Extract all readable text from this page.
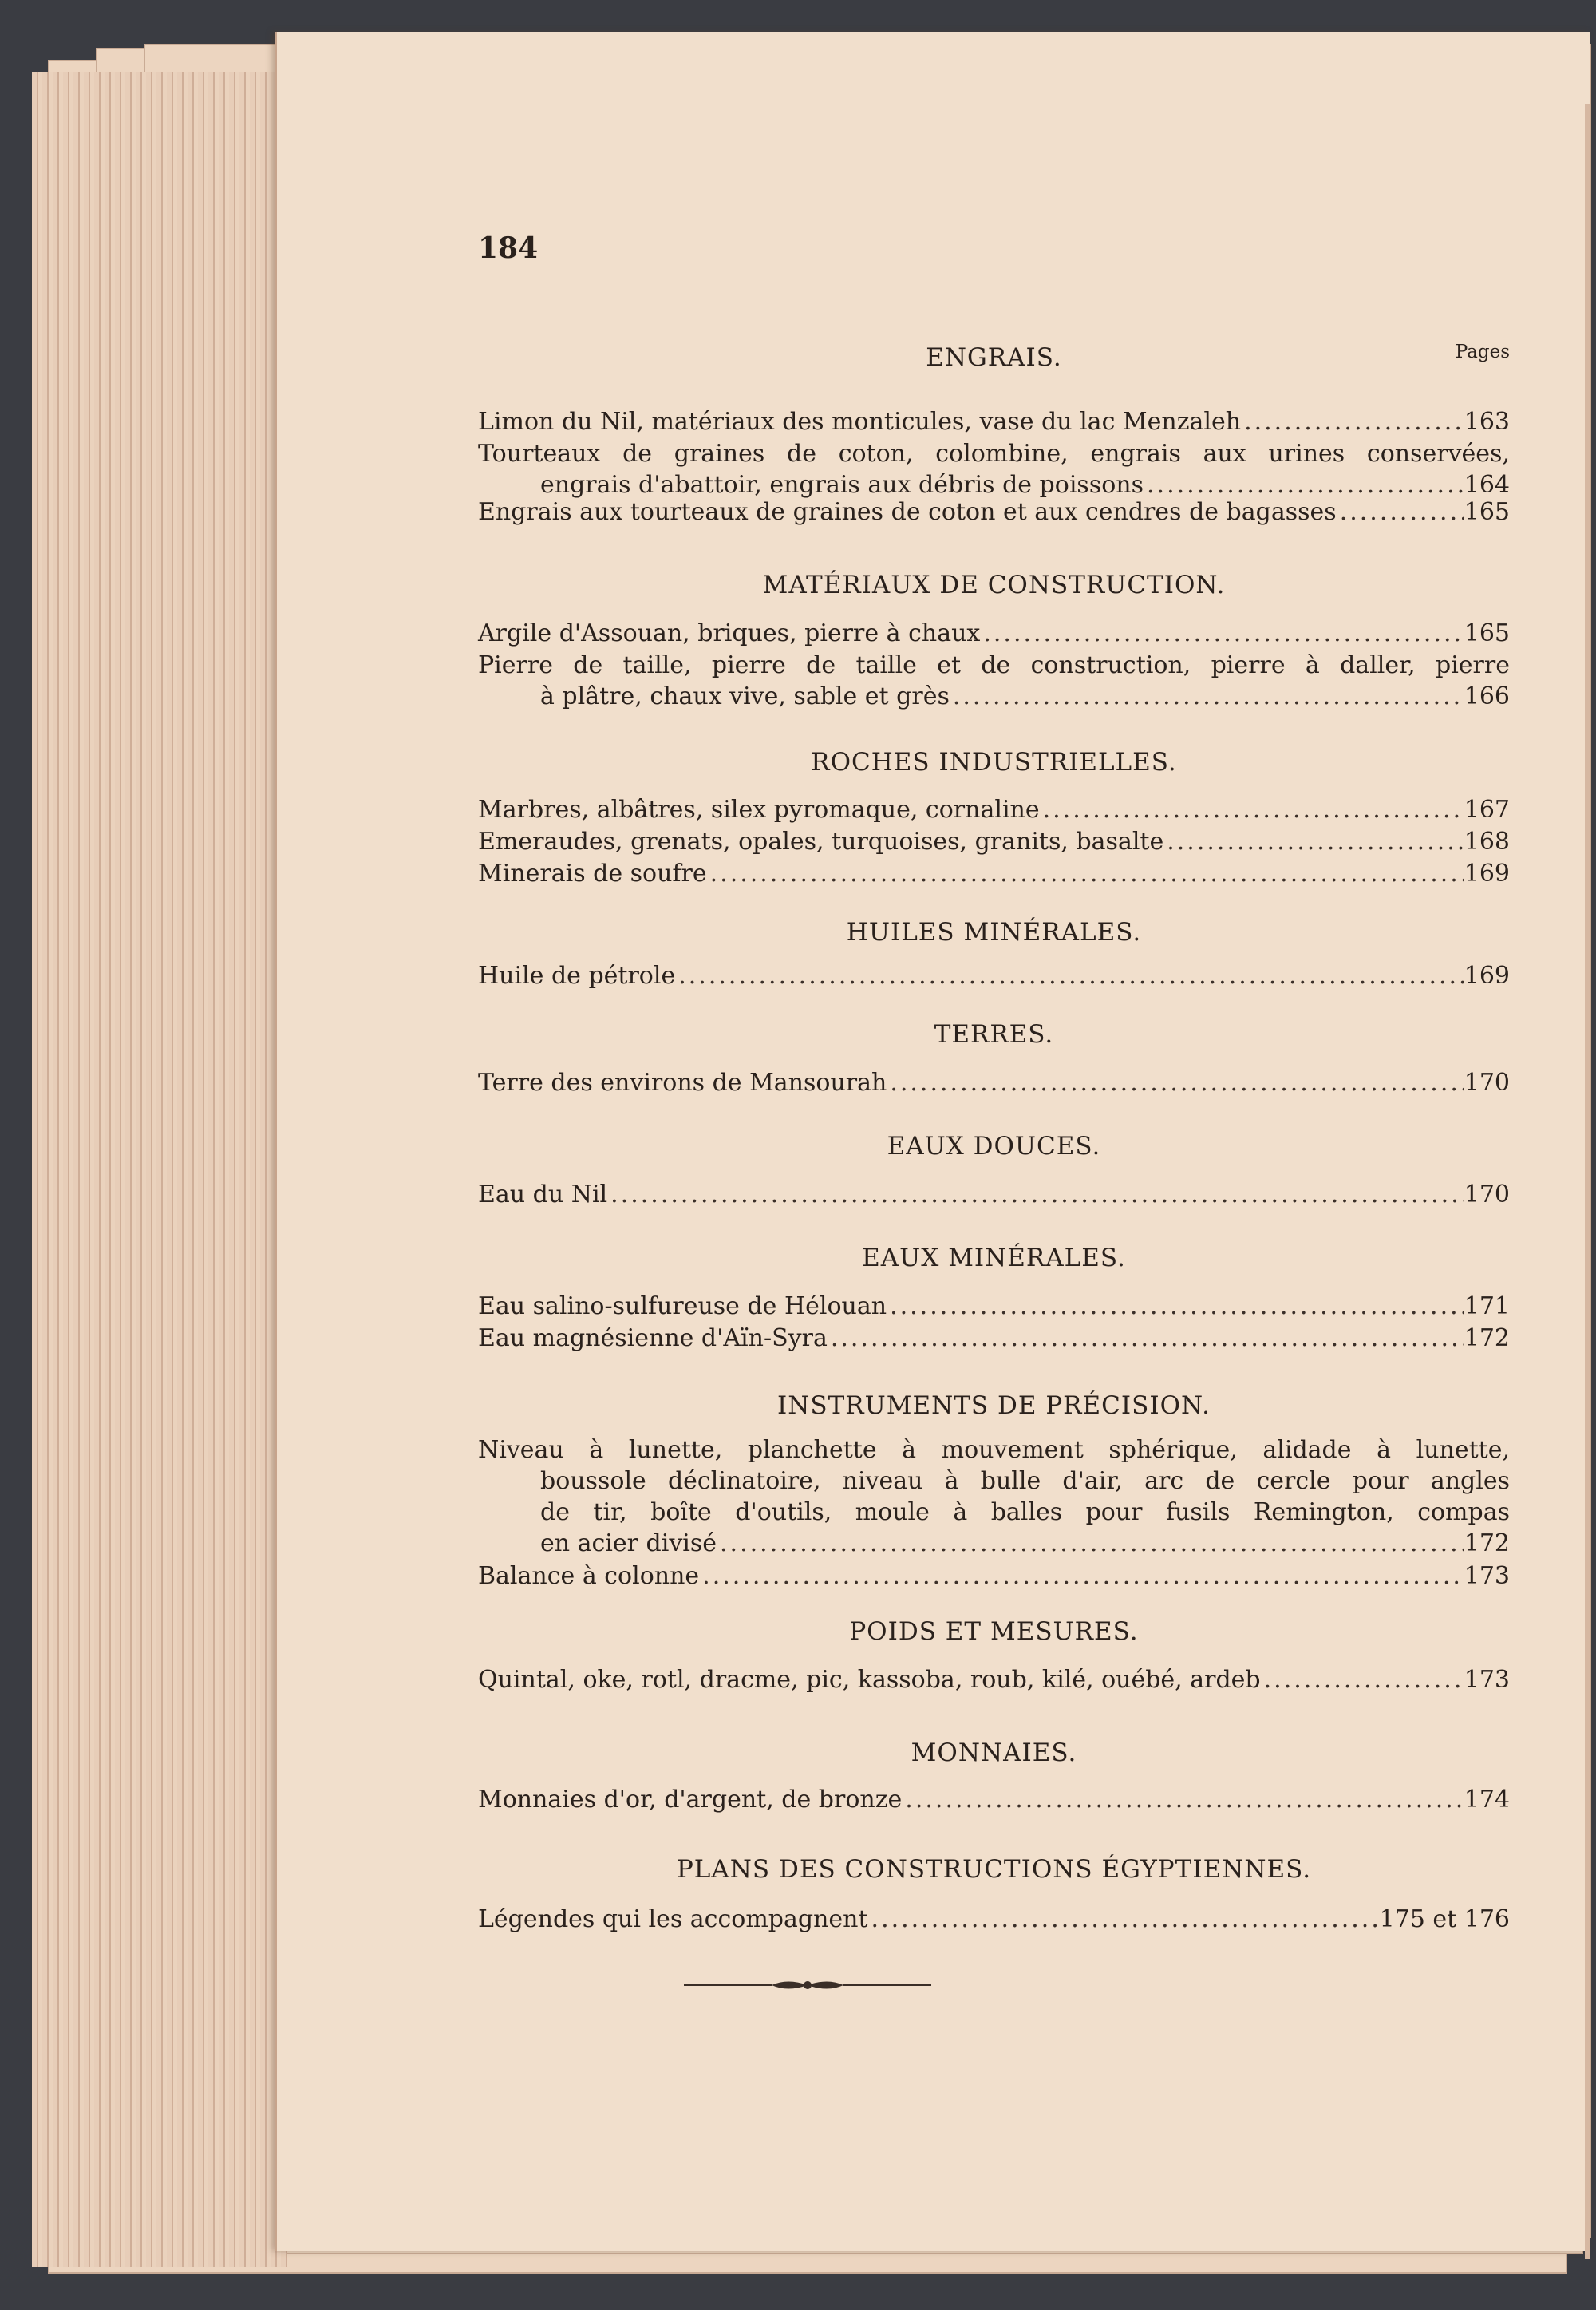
184
Pages
ENGRAIS.
Limon du Nil, matériaux des monticules, vase du lac Menzaleh .....	163
Tourteaux de graines de coton, colombine, engrais aux urines conservées,
engrais d'abattoir, engrais aux débris de poissons .....	164
Engrais aux tourteaux de graines de coton et aux cendres de bagasses .....	165
MATÉRIAUX DE CONSTRUCTION.
Argile d'Assouan, briques, pierre à chaux .....	165
Pierre de taille, pierre de taille et de construction, pierre à daller, pierre
à plâtre, chaux vive, sable et grès .....	166
ROCHES INDUSTRIELLES.
Marbres, albâtres, silex pyromaque, cornaline .....	167
Emeraudes, grenats, opales, turquoises, granits, basalte .....	168
Minerais de soufre .....	169
HUILES MINÉRALES.
Huile de pétrole .....	169
TERRES.
Terre des environs de Mansourah .....	170
EAUX DOUCES.
Eau du Nil .....	170
EAUX MINÉRALES.
Eau salino-sulfureuse de Hélouan .....	171
Eau magnésienne d'Aïn-Syra .....	172
INSTRUMENTS DE PRÉCISION.
Niveau à lunette, planchette à mouvement sphérique, alidade à lunette,
boussole déclinatoire, niveau à bulle d'air, arc de cercle pour angles
de tir, boîte d'outils, moule à balles pour fusils Remington, compas
en acier divisé .....	172
Balance à colonne .....	173
POIDS ET MESURES.
Quintal, oke, rotl, dracme, pic, kassoba, roub, kilé, ouébé, ardeb .....	173
MONNAIES.
Monnaies d'or, d'argent, de bronze .....	174
PLANS DES CONSTRUCTIONS ÉGYPTIENNES.
Légendes qui les accompagnent .....	175 et 176
